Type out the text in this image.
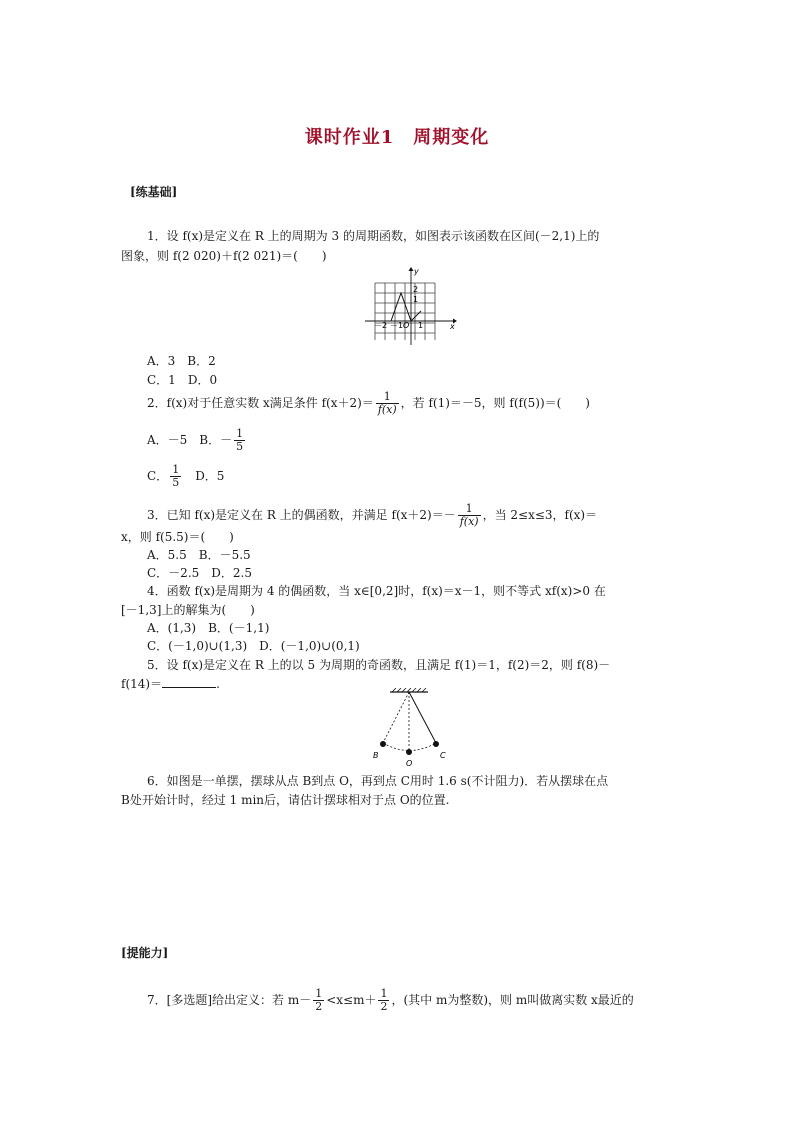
课时作业1　周期变化
[练基础]
1．设 f(x)是定义在 R 上的周期为 3 的周期函数，如图表示该函数在区间(－2,1)上的
图象，则 f(2 020)＋f(2 021)＝(　　)
y
x
2
1
－2 －1 O 1
A．3　B．2
C．1　D．0
2．f(x)对于任意实数 x满足条件 $f(x+2)= \frac{1}{f(x)}$ ，若 f(1)＝－5，则 f(f(5))＝(　　)
A．－5　B．－ $\frac{1}{5}$
C． $\frac{1}{5}$ 　D．5
3．已知 f(x)是定义在 R 上的偶函数，并满足 $f(x+2)=- \frac{1}{f(x)}$ ，当 2≤x≤3，f(x)＝
x，则 f(5.5)＝(　　)
A．5.5　B．－5.5
C．－2.5　D．2.5
4．函数 f(x)是周期为 4 的偶函数，当 x∈[0,2]时，f(x)＝x－1，则不等式 xf(x)>0 在
[－1,3]上的解集为(　　)
A．(1,3)　B．(－1,1)
C．(－1,0)∪(1,3)　D．(－1,0)∪(0,1)
5．设 f(x)是定义在 R 上的以 5 为周期的奇函数，且满足 f(1)＝1，f(2)＝2，则 f(8)－
f(14)＝	.
B
O
C
6．如图是一单摆，摆球从点 B到点 O，再到点 C用时 1.6 s(不计阻力)．若从摆球在点
B处开始计时，经过 1 min后，请估计摆球相对于点 O的位置.
[提能力]
7．[多选题]给出定义：若 $m- \frac{1}{2} <x\le m+ \frac{1}{2}$ ，(其中 m为整数)，则 m叫做离实数 x最近的
